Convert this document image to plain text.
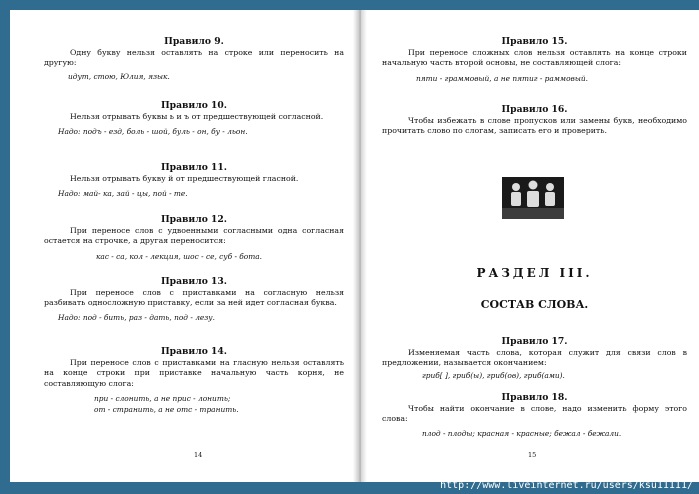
Правило 9.

Одну букву нельзя оставлять на строке или переносить на другую:

идут, стою, Юлия, язык.
Правило 10.

Нельзя отрывать буквы ь и ъ от предшествующей согласной.

Надо: подъ - езд, боль - шой, буль - он, бу - льон.
Правило 11.

Нельзя отрывать букву й от предшествующей гласной.

Надо: май- ка, зай - цы, пой - те.
Правило 12.

При переносе слов с удвоенными согласными одна согласная остается на строчке, а другая переносится:

кас - са, кол - лекция, шос - се, суб - бота.
Правило 13.

При переносе слов с приставками на согласную нельзя разбивать односложную приставку, если за ней идет согласная буква.

Надо: под - бить, раз - дать, под - лезу.
Правило 14.

При переносе слов с приставками на гласную нельзя оставлять на конце строки при приставке начальную часть корня, не составляющую слога:

при - слонить, а не прис - лонить;
от - странить, а не отс - транить.
14
Правило 15.

При переносе сложных слов нельзя оставлять на конце строки начальную часть второй основы, не составляющей слога:

пяти - граммовый, а не пятиг - раммовый.
Правило 16.

Чтобы избежать в слове пропусков или замены букв, необходимо прочитать слово по слогам, записать его и проверить.

РАЗДЕЛ III.
СОСТАВ СЛОВА.
Правило 17.

Изменяемая часть слова, которая служит для связи слов в предложении, называется окончанием:

гриб[ ], гриб(ы), гриб(ов), гриб(ами).
Правило 18.

Чтобы найти окончание в слове, надо изменить форму этого слова:

плод - плоды; красная - красные; бежал - бежали.
15
http://www.liveinternet.ru/users/ksu11111/
